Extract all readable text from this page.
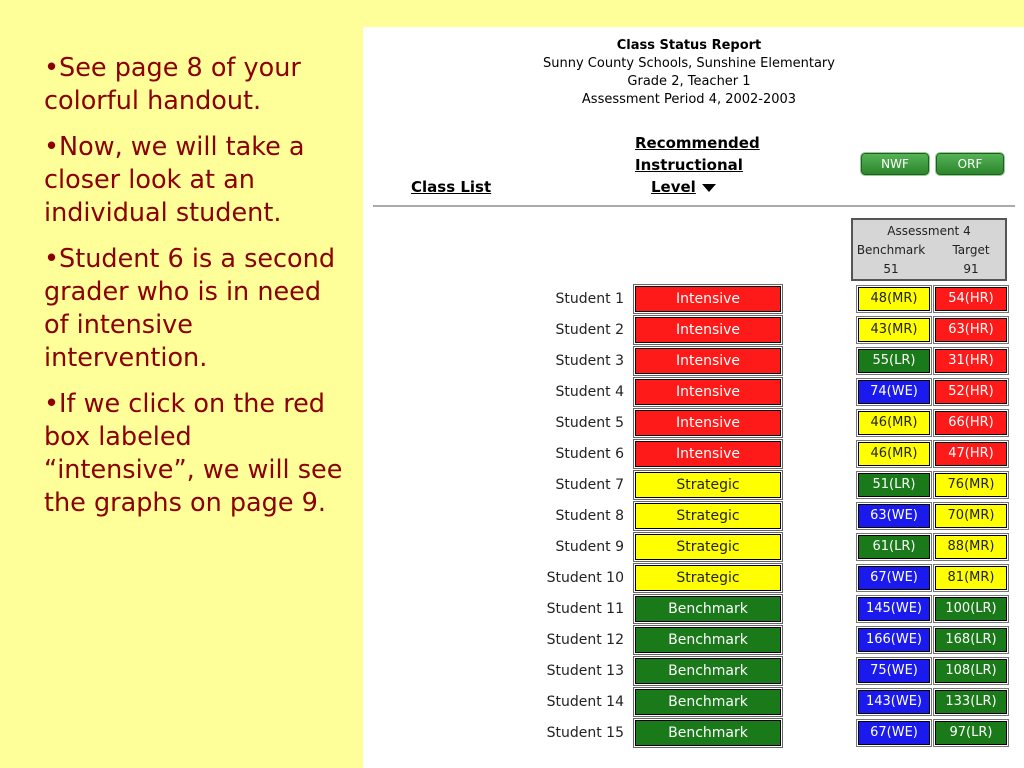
•See page 8 of your colorful handout.

•Now, we will take a closer look at an individual student.

•Student 6 is a second grader who is in need of intensive intervention.

•If we click on the red box labeled “intensive”, we will see the graphs on page 9.

Class Status Report
Sunny County Schools, Sunshine Elementary
Grade 2, Teacher 1
Assessment Period 4, 2002-2003
Class List
Recommended
Instructional
Level
NWF	ORF
Assessment 4
Benchmark	Target
51	91
Student 1	Intensive	48(MR)	54(HR)
Student 2	Intensive	43(MR)	63(HR)
Student 3	Intensive	55(LR)	31(HR)
Student 4	Intensive	74(WE)	52(HR)
Student 5	Intensive	46(MR)	66(HR)
Student 6	Intensive	46(MR)	47(HR)
Student 7	Strategic	51(LR)	76(MR)
Student 8	Strategic	63(WE)	70(MR)
Student 9	Strategic	61(LR)	88(MR)
Student 10	Strategic	67(WE)	81(MR)
Student 11	Benchmark	145(WE)	100(LR)
Student 12	Benchmark	166(WE)	168(LR)
Student 13	Benchmark	75(WE)	108(LR)
Student 14	Benchmark	143(WE)	133(LR)
Student 15	Benchmark	67(WE)	97(LR)
